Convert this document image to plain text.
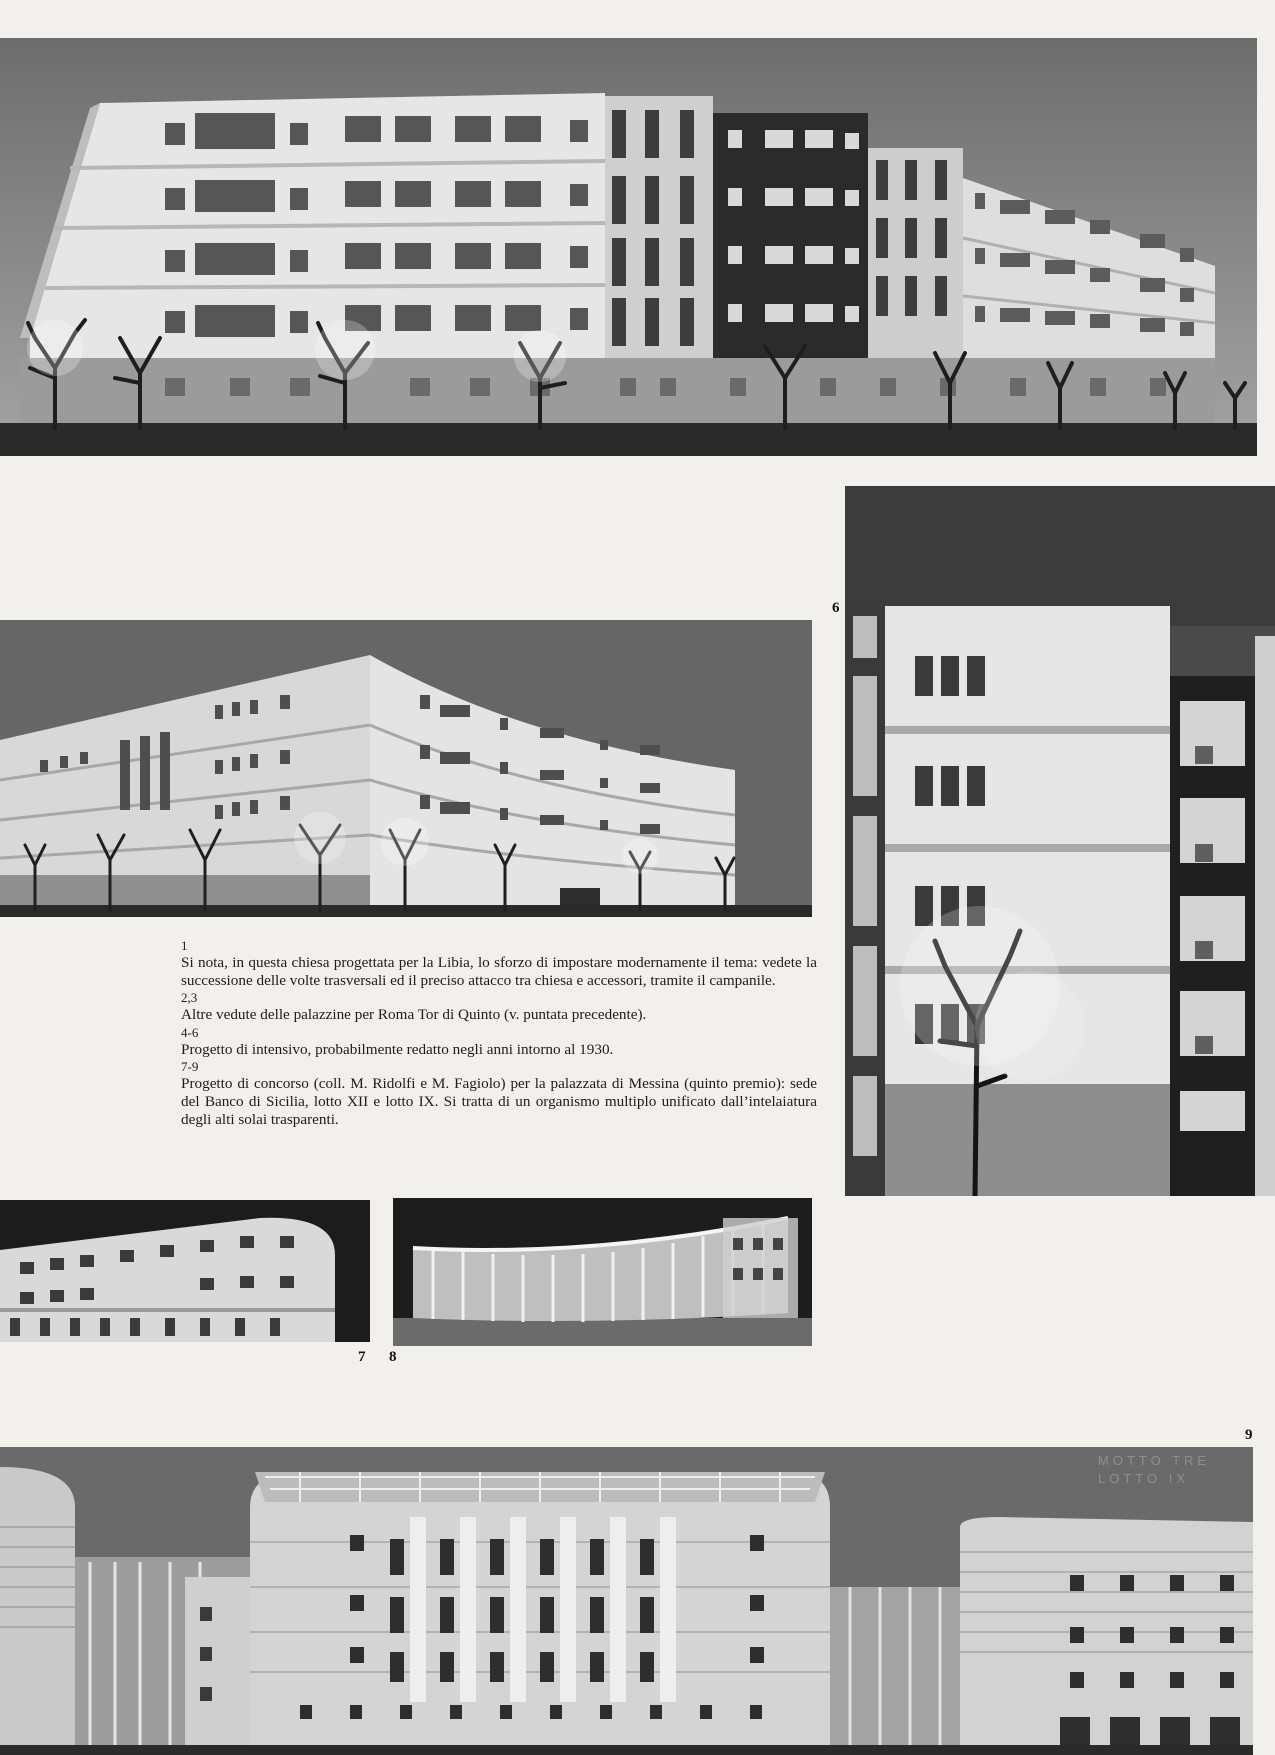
6
1
Si nota, in questa chiesa progettata per la Libia, lo sforzo di impostare modernamente il tema: vedete la successione delle volte trasversali ed il preciso attacco tra chiesa e accessori, tramite il campanile.
2,3
Altre vedute delle palazzine per Roma Tor di Quinto (v. puntata precedente).
4-6
Progetto di intensivo, probabilmente redatto negli anni intorno al 1930.
7-9
Progetto di concorso (coll. M. Ridolfi e M. Fagiolo) per la palazzata di Messina (quinto premio): sede del Banco di Sicilia, lotto XII e lotto IX. Si tratta di un organismo multiplo unificato dall’intelaiatura degli alti solai trasparenti.
7 8
9
MOTTO TRE
LOTTO IX
